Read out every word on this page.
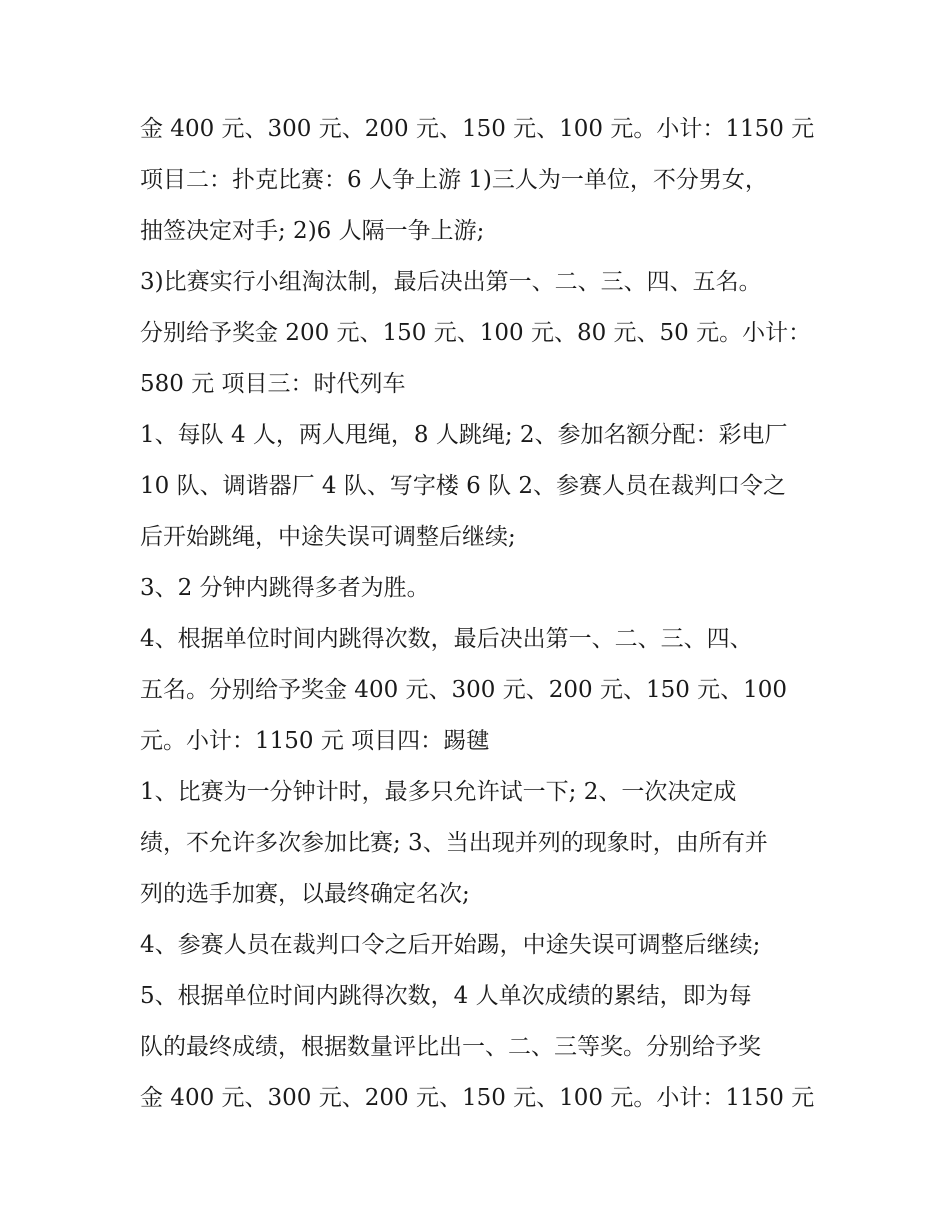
金 400 元、300 元、200 元、150 元、100 元。小计：1150 元
项目二：扑克比赛：6 人争上游 1)三人为一单位，不分男女，
抽签决定对手; 2)6 人隔一争上游;
3)比赛实行小组淘汰制，最后决出第一、二、三、四、五名。
分别给予奖金 200 元、150 元、100 元、80 元、50 元。小计：
580 元 项目三：时代列车
1、每队 4 人，两人甩绳，8 人跳绳; 2、参加名额分配：彩电厂
10 队、调谐器厂 4 队、写字楼 6 队 2、参赛人员在裁判口令之
后开始跳绳，中途失误可调整后继续;
3、2 分钟内跳得多者为胜。
4、根据单位时间内跳得次数，最后决出第一、二、三、四、
五名。分别给予奖金 400 元、300 元、200 元、150 元、100
元。小计：1150 元 项目四：踢毽
1、比赛为一分钟计时，最多只允许试一下; 2、一次决定成
绩，不允许多次参加比赛; 3、当出现并列的现象时，由所有并
列的选手加赛，以最终确定名次;
4、参赛人员在裁判口令之后开始踢，中途失误可调整后继续;
5、根据单位时间内跳得次数，4 人单次成绩的累结，即为每
队的最终成绩，根据数量评比出一、二、三等奖。分别给予奖
金 400 元、300 元、200 元、150 元、100 元。小计：1150 元
